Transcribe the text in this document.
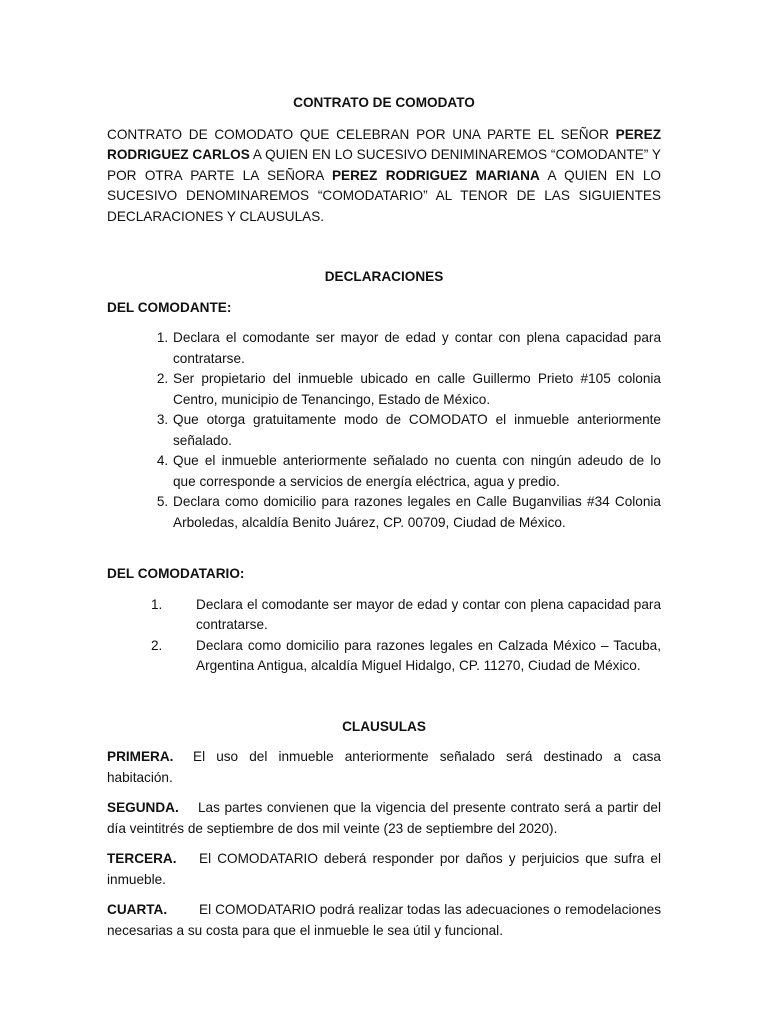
CONTRATO DE COMODATO

CONTRATO DE COMODATO QUE CELEBRAN POR UNA PARTE EL SEÑOR PEREZ RODRIGUEZ CARLOS A QUIEN EN LO SUCESIVO DENIMINAREMOS “COMODANTE” Y POR OTRA PARTE LA SEÑORA PEREZ RODRIGUEZ MARIANA A QUIEN EN LO SUCESIVO DENOMINAREMOS “COMODATARIO” AL TENOR DE LAS SIGUIENTES DECLARACIONES Y CLAUSULAS.

DECLARACIONES

DEL COMODANTE:

1. Declara el comodante ser mayor de edad y contar con plena capacidad para contratarse.
2. Ser propietario del inmueble ubicado en calle Guillermo Prieto #105 colonia Centro, municipio de Tenancingo, Estado de México.
3. Que otorga gratuitamente modo de COMODATO el inmueble anteriormente señalado.
4. Que el inmueble anteriormente señalado no cuenta con ningún adeudo de lo que corresponde a servicios de energía eléctrica, agua y predio.
5. Declara como domicilio para razones legales en Calle Buganvilias #34 Colonia Arboledas, alcaldía Benito Juárez, CP. 00709, Ciudad de México.

DEL COMODATARIO:

1.	Declara el comodante ser mayor de edad y contar con plena capacidad para contratarse.
2.	Declara como domicilio para razones legales en Calzada México – Tacuba, Argentina Antigua, alcaldía Miguel Hidalgo, CP. 11270, Ciudad de México.

CLAUSULAS

PRIMERA. El uso del inmueble anteriormente señalado será destinado a casa habitación.

SEGUNDA. Las partes convienen que la vigencia del presente contrato será a partir del día veintitrés de septiembre de dos mil veinte (23 de septiembre del 2020).

TERCERA. El COMODATARIO deberá responder por daños y perjuicios que sufra el inmueble.

CUARTA. El COMODATARIO podrá realizar todas las adecuaciones o remodelaciones necesarias a su costa para que el inmueble le sea útil y funcional.
